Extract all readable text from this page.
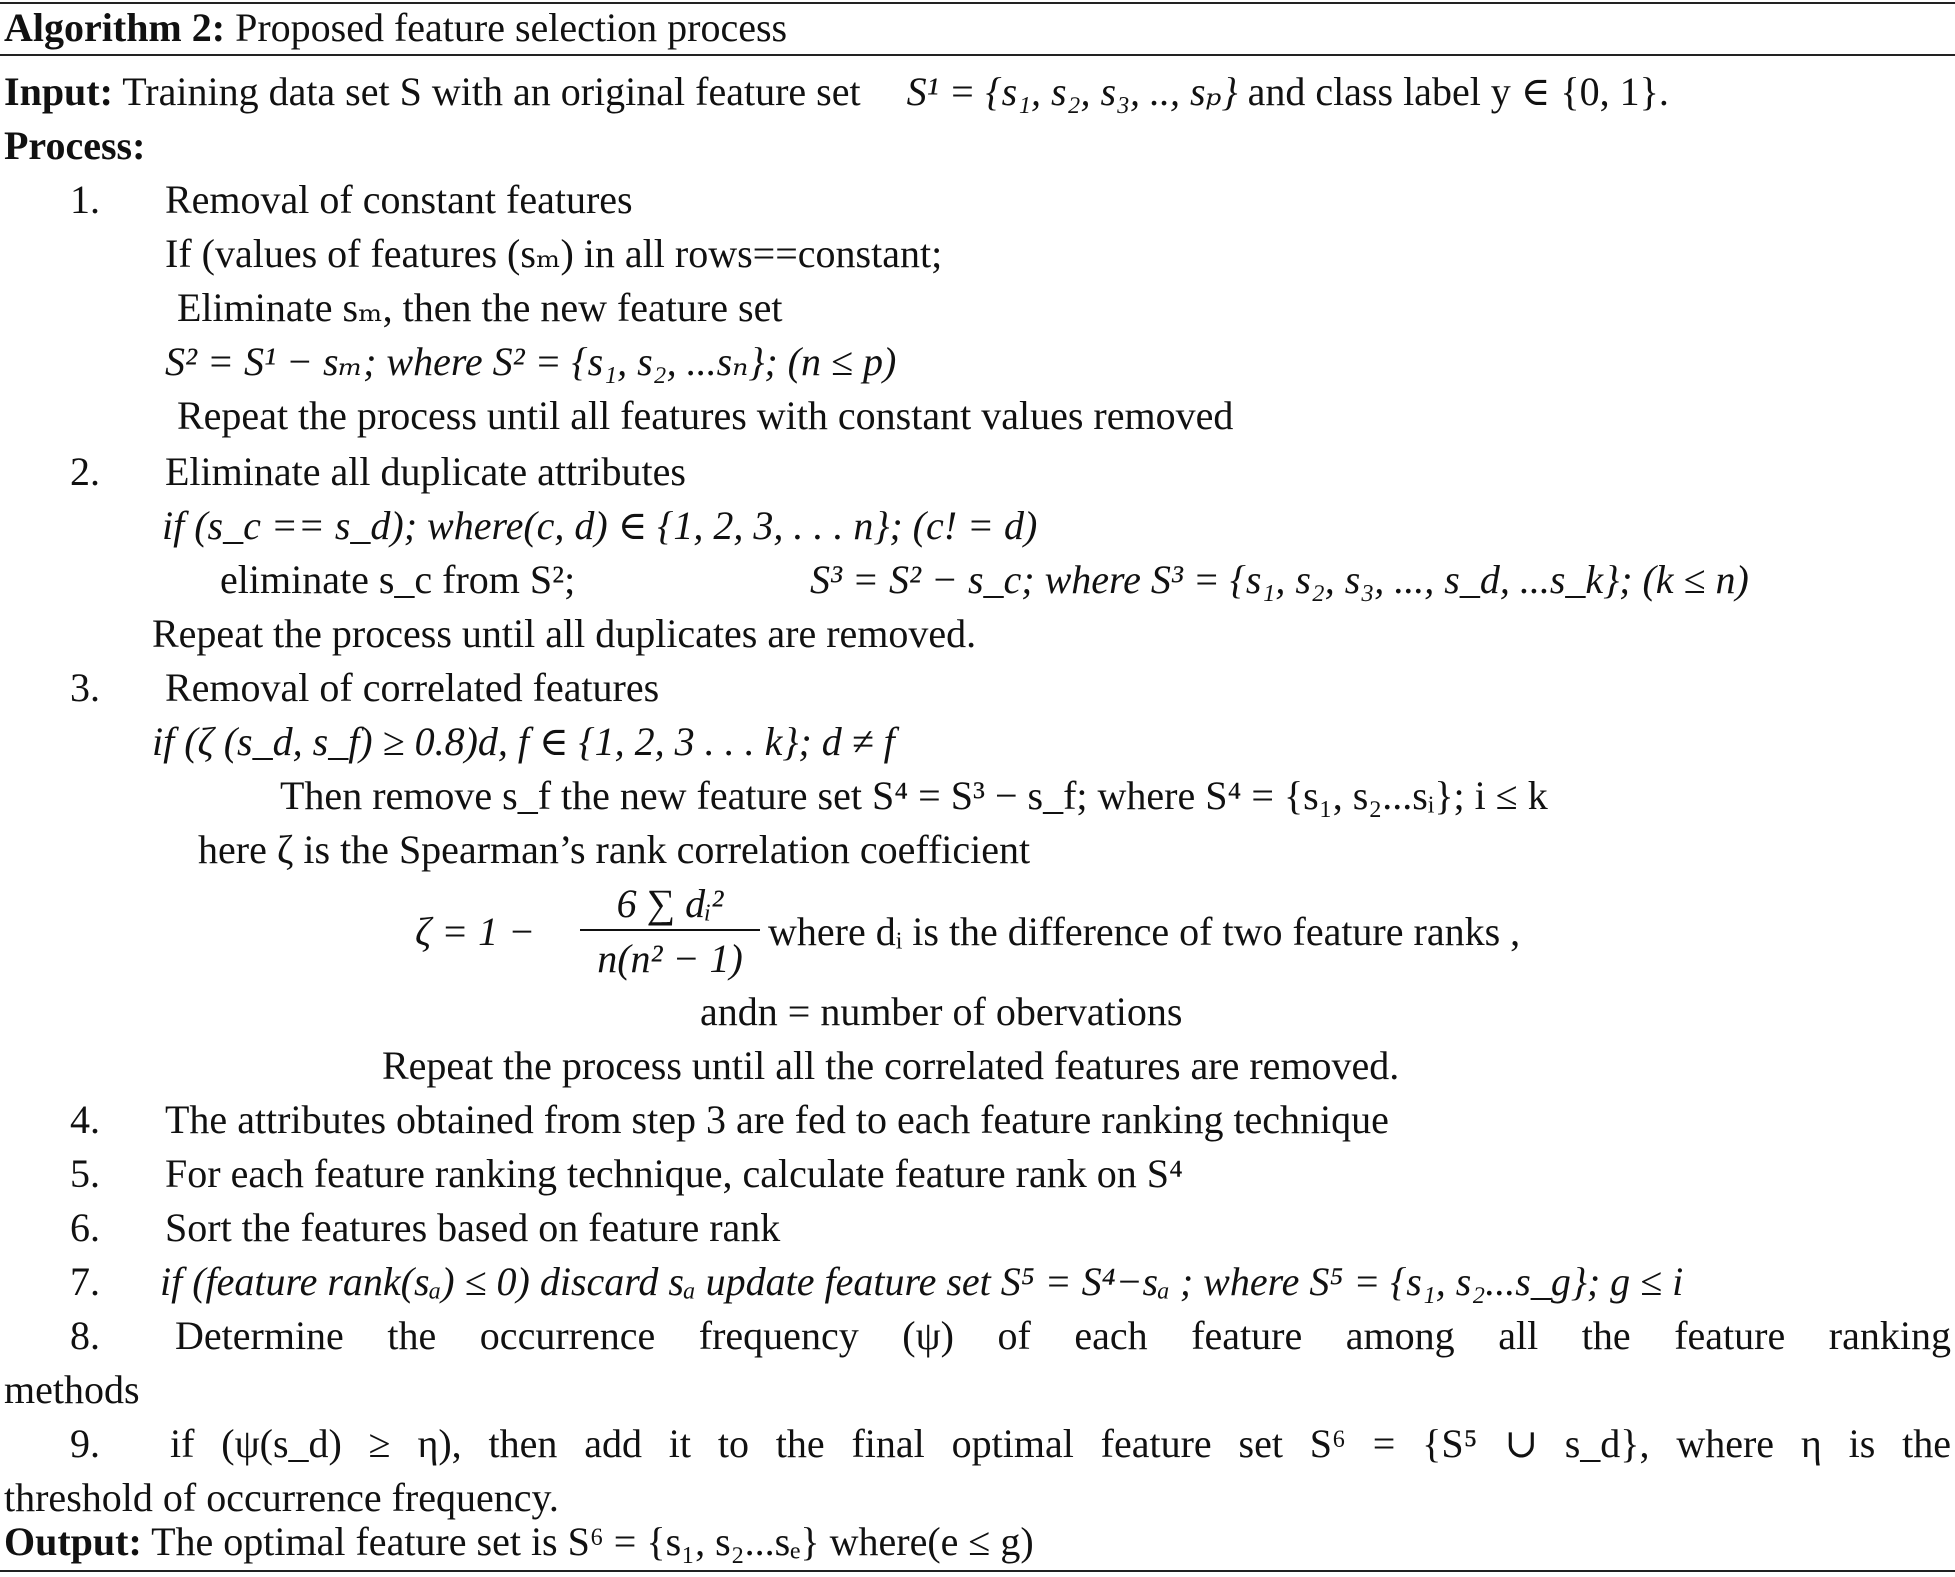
Algorithm 2: Proposed feature selection process
Input: Training data set S with an original feature set S¹ = {s₁, s₂, s₃, .., sₚ} and class label y ∈ {0, 1}.
Process:
1. Removal of constant features
If (values of features (sₘ) in all rows==constant;
Eliminate sₘ, then the new feature set
S² = S¹ − sₘ; where S² = {s₁, s₂, ...sₙ}; (n ≤ p)
Repeat the process until all features with constant values removed
2. Eliminate all duplicate attributes
if (s_c == s_d); where(c, d) ∈ {1, 2, 3, . . . n}; (c! = d)
eliminate s_c from S²;	S³ = S² − s_c; where S³ = {s₁, s₂, s₃, ..., s_d, ...s_k}; (k ≤ n)
Repeat the process until all duplicates are removed.
3. Removal of correlated features
if (ζ (s_d, s_f) ≥ 0.8)d, f ∈ {1, 2, 3 . . . k}; d ≠ f
Then remove s_f the new feature set S⁴ = S³ − s_f; where S⁴ = {s₁, s₂...sᵢ}; i ≤ k
here ζ is the Spearman’s rank correlation coefficient
ζ = 1 −
6 ∑ dᵢ²
n(n² − 1)
where dᵢ is the difference of two feature ranks ,
andn = number of obervations
Repeat the process until all the correlated features are removed.
4. The attributes obtained from step 3 are fed to each feature ranking technique
5. For each feature ranking technique, calculate feature rank on S⁴
6. Sort the features based on feature rank
7. if (feature rank(sₐ) ≤ 0) discard sₐ update feature set S⁵ = S⁴−sₐ ; where S⁵ = {s₁, s₂...s_g}; g ≤ i
8. Determine the occurrence frequency (ψ) of each feature among all the feature ranking
methods
9. if (ψ(s_d) ≥ η), then add it to the final optimal feature set S⁶ = {S⁵ ∪ s_d}, where η is the
threshold of occurrence frequency.
Output: The optimal feature set is S⁶ = {s₁, s₂...sₑ} where(e ≤ g)
